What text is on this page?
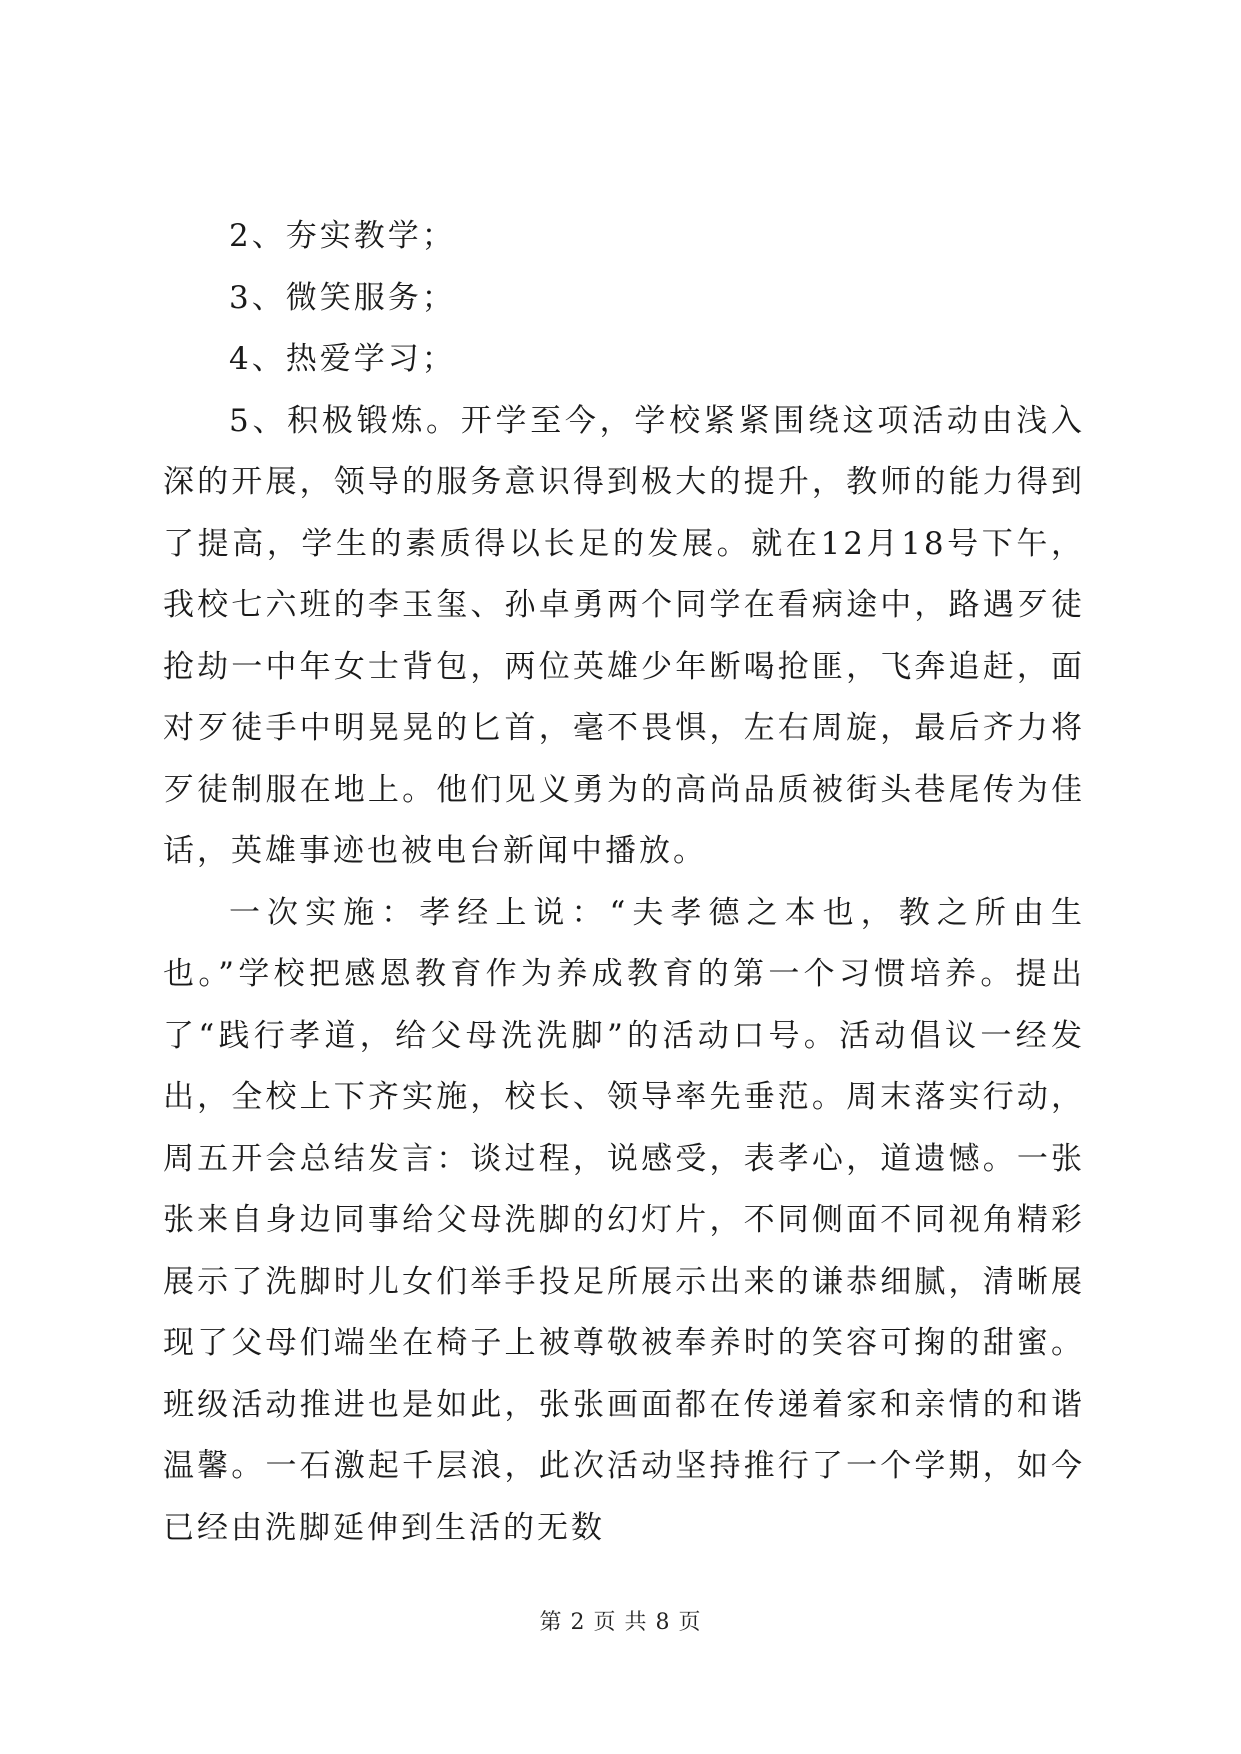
2、夯实教学；

3、微笑服务；

4、热爱学习；

5、积极锻炼。开学至今，学校紧紧围绕这项活动由浅入深的开展，领导的服务意识得到极大的提升，教师的能力得到了提高，学生的素质得以长足的发展。就在12月18号下午，我校七六班的李玉玺、孙卓勇两个同学在看病途中，路遇歹徒抢劫一中年女士背包，两位英雄少年断喝抢匪，飞奔追赶，面对歹徒手中明晃晃的匕首，毫不畏惧，左右周旋，最后齐力将歹徒制服在地上。他们见义勇为的高尚品质被街头巷尾传为佳话，英雄事迹也被电台新闻中播放。

一次实施：孝经上说：“夫孝德之本也，教之所由生也。”学校把感恩教育作为养成教育的第一个习惯培养。提出了“践行孝道，给父母洗洗脚”的活动口号。活动倡议一经发出，全校上下齐实施，校长、领导率先垂范。周末落实行动，周五开会总结发言：谈过程，说感受，表孝心，道遗憾。一张张来自身边同事给父母洗脚的幻灯片，不同侧面不同视角精彩展示了洗脚时儿女们举手投足所展示出来的谦恭细腻，清晰展现了父母们端坐在椅子上被尊敬被奉养时的笑容可掬的甜蜜。班级活动推进也是如此，张张画面都在传递着家和亲情的和谐温馨。一石激起千层浪，此次活动坚持推行了一个学期，如今已经由洗脚延伸到生活的无数

第 2 页 共 8 页
